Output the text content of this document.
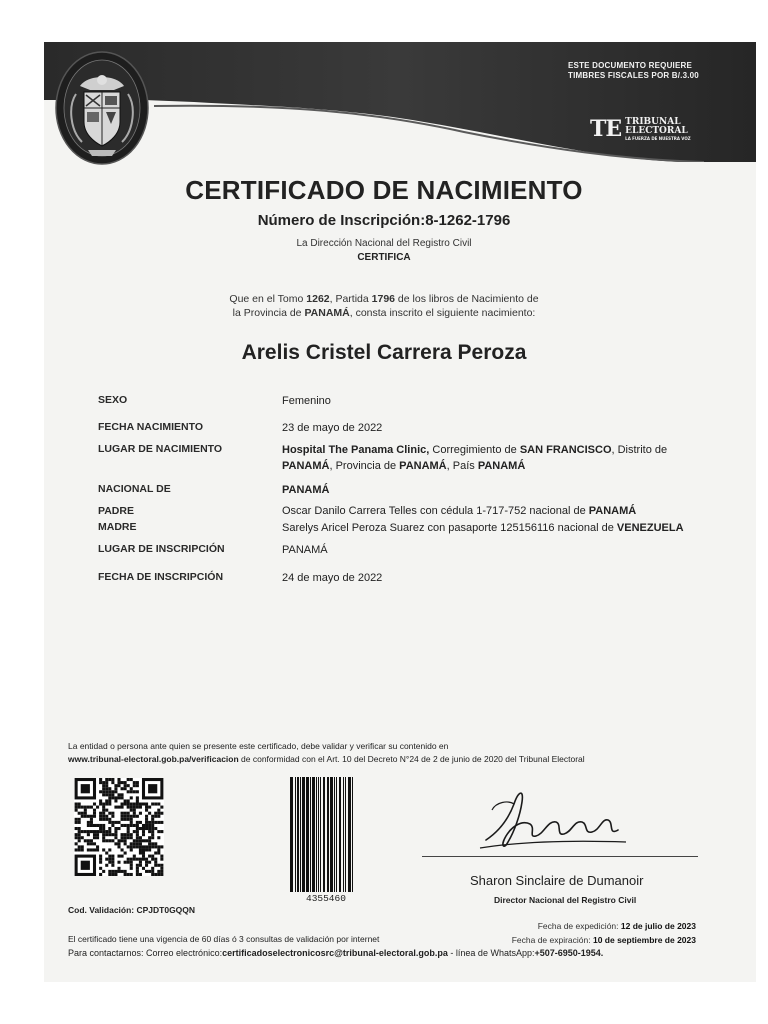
ESTE DOCUMENTO REQUIERE
TIMBRES FISCALES POR B/.3.00
TE TRIBUNAL
ELECTORAL
LA FUERZA DE NUESTRA VOZ
CERTIFICADO DE NACIMIENTO
Número de Inscripción:8-1262-1796
La Dirección Nacional del Registro Civil
CERTIFICA
Que en el Tomo 1262, Partida 1796 de los libros de Nacimiento de
la Provincia de PANAMÁ, consta inscrito el siguiente nacimiento:
Arelis Cristel Carrera Peroza
SEXO	Femenino
FECHA NACIMIENTO	23 de mayo de 2022
LUGAR DE NACIMIENTO	Hospital The Panama Clinic, Corregimiento de SAN FRANCISCO, Distrito de
PANAMÁ, Provincia de PANAMÁ, País PANAMÁ
NACIONAL DE	PANAMÁ
PADRE	Oscar Danilo Carrera Telles con cédula 1-717-752 nacional de PANAMÁ
MADRE	Sarelys Aricel Peroza Suarez con pasaporte 125156116 nacional de VENEZUELA
LUGAR DE INSCRIPCIÓN	PANAMÁ
FECHA DE INSCRIPCIÓN	24 de mayo de 2022
La entidad o persona ante quien se presente este certificado, debe validar y verificar su contenido en
www.tribunal-electoral.gob.pa/verificacion de conformidad con el Art. 10 del Decreto N°24 de 2 de junio de 2020 del Tribunal Electoral
4355460
Sharon Sinclaire de Dumanoir
Director Nacional del Registro Civil
Cod. Validación: CPJDT0GQQN
Fecha de expedición: 12 de julio de 2023
Fecha de expiración: 10 de septiembre de 2023
El certificado tiene una vigencia de 60 días ó 3 consultas de validación por internet
Para contactarnos: Correo electrónico:certificadoselectronicosrc@tribunal-electoral.gob.pa - línea de WhatsApp:+507-6950-1954.
